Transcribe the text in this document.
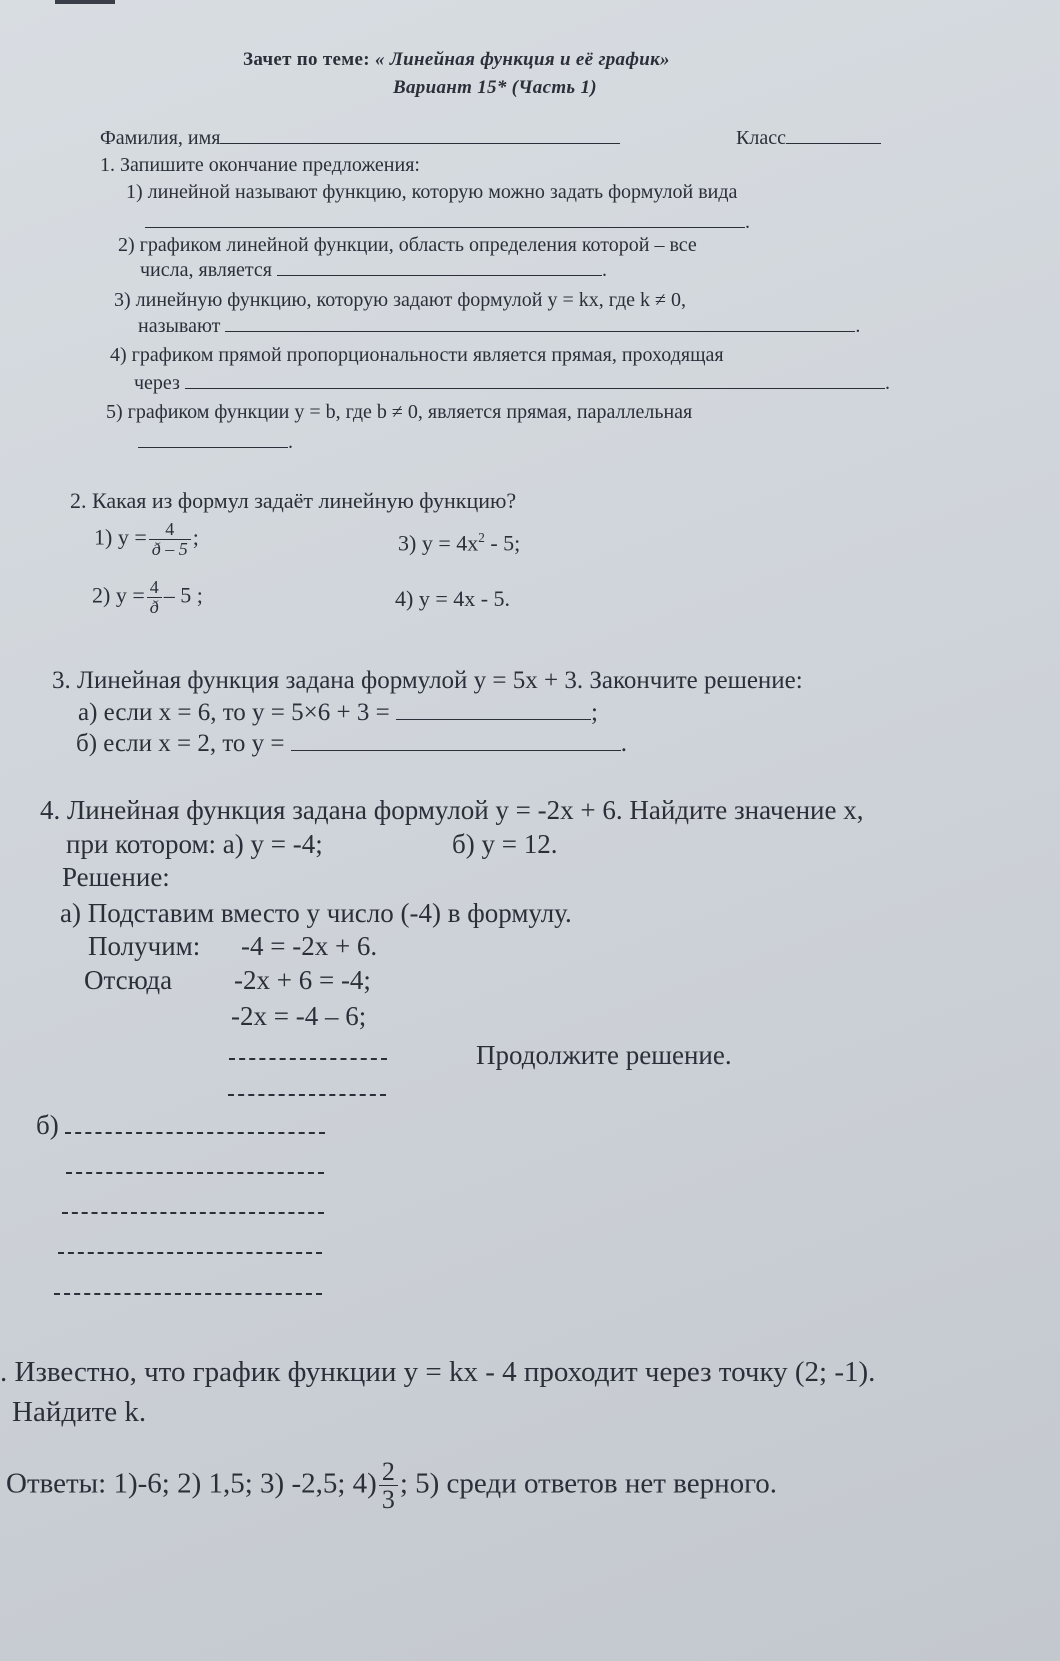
Зачет по теме: « Линейная функция и её график»
Вариант 15* (Часть 1)
Фамилия, имя	Класс
1. Запишите окончание предложения:
1) линейной называют функцию, которую можно задать формулой вида
.
2) графиком линейной функции, область определения которой – все
числа, является	.
3) линейную функцию, которую задают формулой y = kx, где k ≠ 0,
называют	.
4) графиком прямой пропорциональности является прямая, проходящая
через	.
5) графиком функции y = b, где b ≠ 0, является прямая, параллельная
.
2. Какая из формул задаёт линейную функцию?
1) $y = \frac{4}{ð - 5}$ ;	3) $y = 4x^2 - 5$;
2) $y = \frac{4}{ð} - 5$ ;	4) y = 4x - 5.
3. Линейная функция задана формулой y = 5x + 3. Закончите решение:
а) если x = 6, то y = 5×6 + 3 =	;
б) если x = 2, то y =	.
4. Линейная функция задана формулой y = -2x + 6. Найдите значение x,
при котором: а) y = -4;	б) y = 12.
Решение:
а) Подставим вместо y число (-4) в формулу.
Получим: -4 = -2x + 6.
Отсюда -2x + 6 = -4;
-2x = -4 – 6;
Продолжите решение.
б)
. Известно, что график функции y = kx - 4 проходит через точку (2; -1).
Найдите k.
Ответы: 1)-6; 2) 1,5; 3) -2,5; $4) \frac{2}{3}$ ; 5) среди ответов нет верного.
